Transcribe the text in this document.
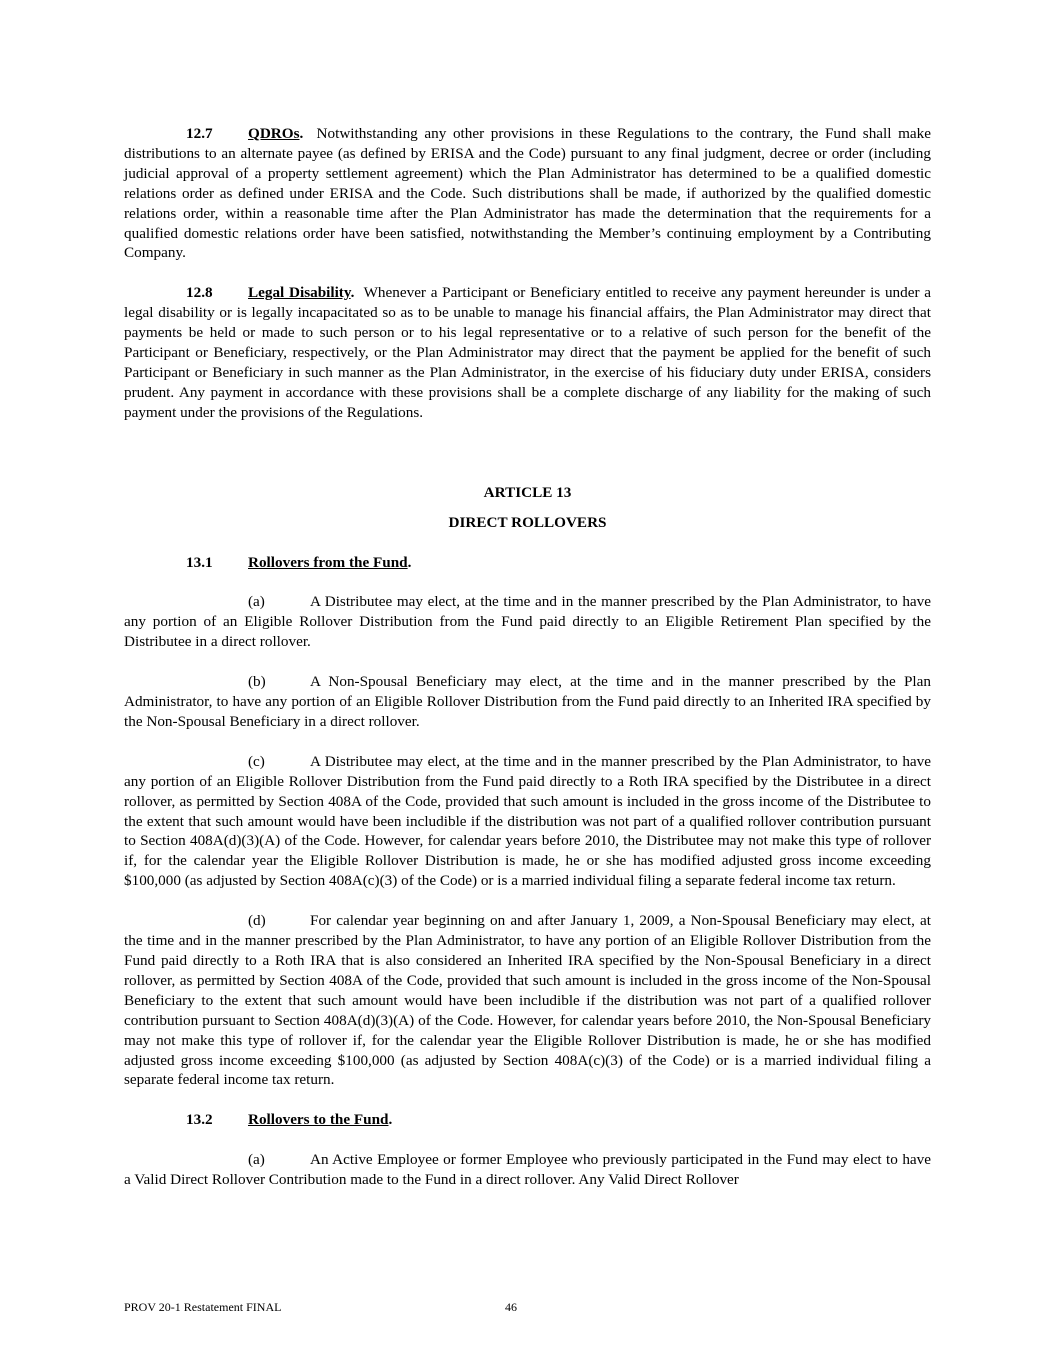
12.7 QDROs. Notwithstanding any other provisions in these Regulations to the contrary, the Fund shall make distributions to an alternate payee (as defined by ERISA and the Code) pursuant to any final judgment, decree or order (including judicial approval of a property settlement agreement) which the Plan Administrator has determined to be a qualified domestic relations order as defined under ERISA and the Code. Such distributions shall be made, if authorized by the qualified domestic relations order, within a reasonable time after the Plan Administrator has made the determination that the requirements for a qualified domestic relations order have been satisfied, notwithstanding the Member’s continuing employment by a Contributing Company.

12.8 Legal Disability. Whenever a Participant or Beneficiary entitled to receive any payment hereunder is under a legal disability or is legally incapacitated so as to be unable to manage his financial affairs, the Plan Administrator may direct that payments be held or made to such person or to his legal representative or to a relative of such person for the benefit of the Participant or Beneficiary, respectively, or the Plan Administrator may direct that the payment be applied for the benefit of such Participant or Beneficiary in such manner as the Plan Administrator, in the exercise of his fiduciary duty under ERISA, considers prudent. Any payment in accordance with these provisions shall be a complete discharge of any liability for the making of such payment under the provisions of the Regulations.

ARTICLE 13

DIRECT ROLLOVERS

13.1 Rollovers from the Fund.

(a)	A Distributee may elect, at the time and in the manner prescribed by the Plan Administrator, to have any portion of an Eligible Rollover Distribution from the Fund paid directly to an Eligible Retirement Plan specified by the Distributee in a direct rollover.

(b)	A Non-Spousal Beneficiary may elect, at the time and in the manner prescribed by the Plan Administrator, to have any portion of an Eligible Rollover Distribution from the Fund paid directly to an Inherited IRA specified by the Non-Spousal Beneficiary in a direct rollover.

(c)	A Distributee may elect, at the time and in the manner prescribed by the Plan Administrator, to have any portion of an Eligible Rollover Distribution from the Fund paid directly to a Roth IRA specified by the Distributee in a direct rollover, as permitted by Section 408A of the Code, provided that such amount is included in the gross income of the Distributee to the extent that such amount would have been includible if the distribution was not part of a qualified rollover contribution pursuant to Section 408A(d)(3)(A) of the Code. However, for calendar years before 2010, the Distributee may not make this type of rollover if, for the calendar year the Eligible Rollover Distribution is made, he or she has modified adjusted gross income exceeding $100,000 (as adjusted by Section 408A(c)(3) of the Code) or is a married individual filing a separate federal income tax return.

(d)	For calendar year beginning on and after January 1, 2009, a Non-Spousal Beneficiary may elect, at the time and in the manner prescribed by the Plan Administrator, to have any portion of an Eligible Rollover Distribution from the Fund paid directly to a Roth IRA that is also considered an Inherited IRA specified by the Non-Spousal Beneficiary in a direct rollover, as permitted by Section 408A of the Code, provided that such amount is included in the gross income of the Non-Spousal Beneficiary to the extent that such amount would have been includible if the distribution was not part of a qualified rollover contribution pursuant to Section 408A(d)(3)(A) of the Code. However, for calendar years before 2010, the Non-Spousal Beneficiary may not make this type of rollover if, for the calendar year the Eligible Rollover Distribution is made, he or she has modified adjusted gross income exceeding $100,000 (as adjusted by Section 408A(c)(3) of the Code) or is a married individual filing a separate federal income tax return.

13.2 Rollovers to the Fund.

(a)	An Active Employee or former Employee who previously participated in the Fund may elect to have a Valid Direct Rollover Contribution made to the Fund in a direct rollover. Any Valid Direct Rollover

PROV 20-1 Restatement FINAL	46
